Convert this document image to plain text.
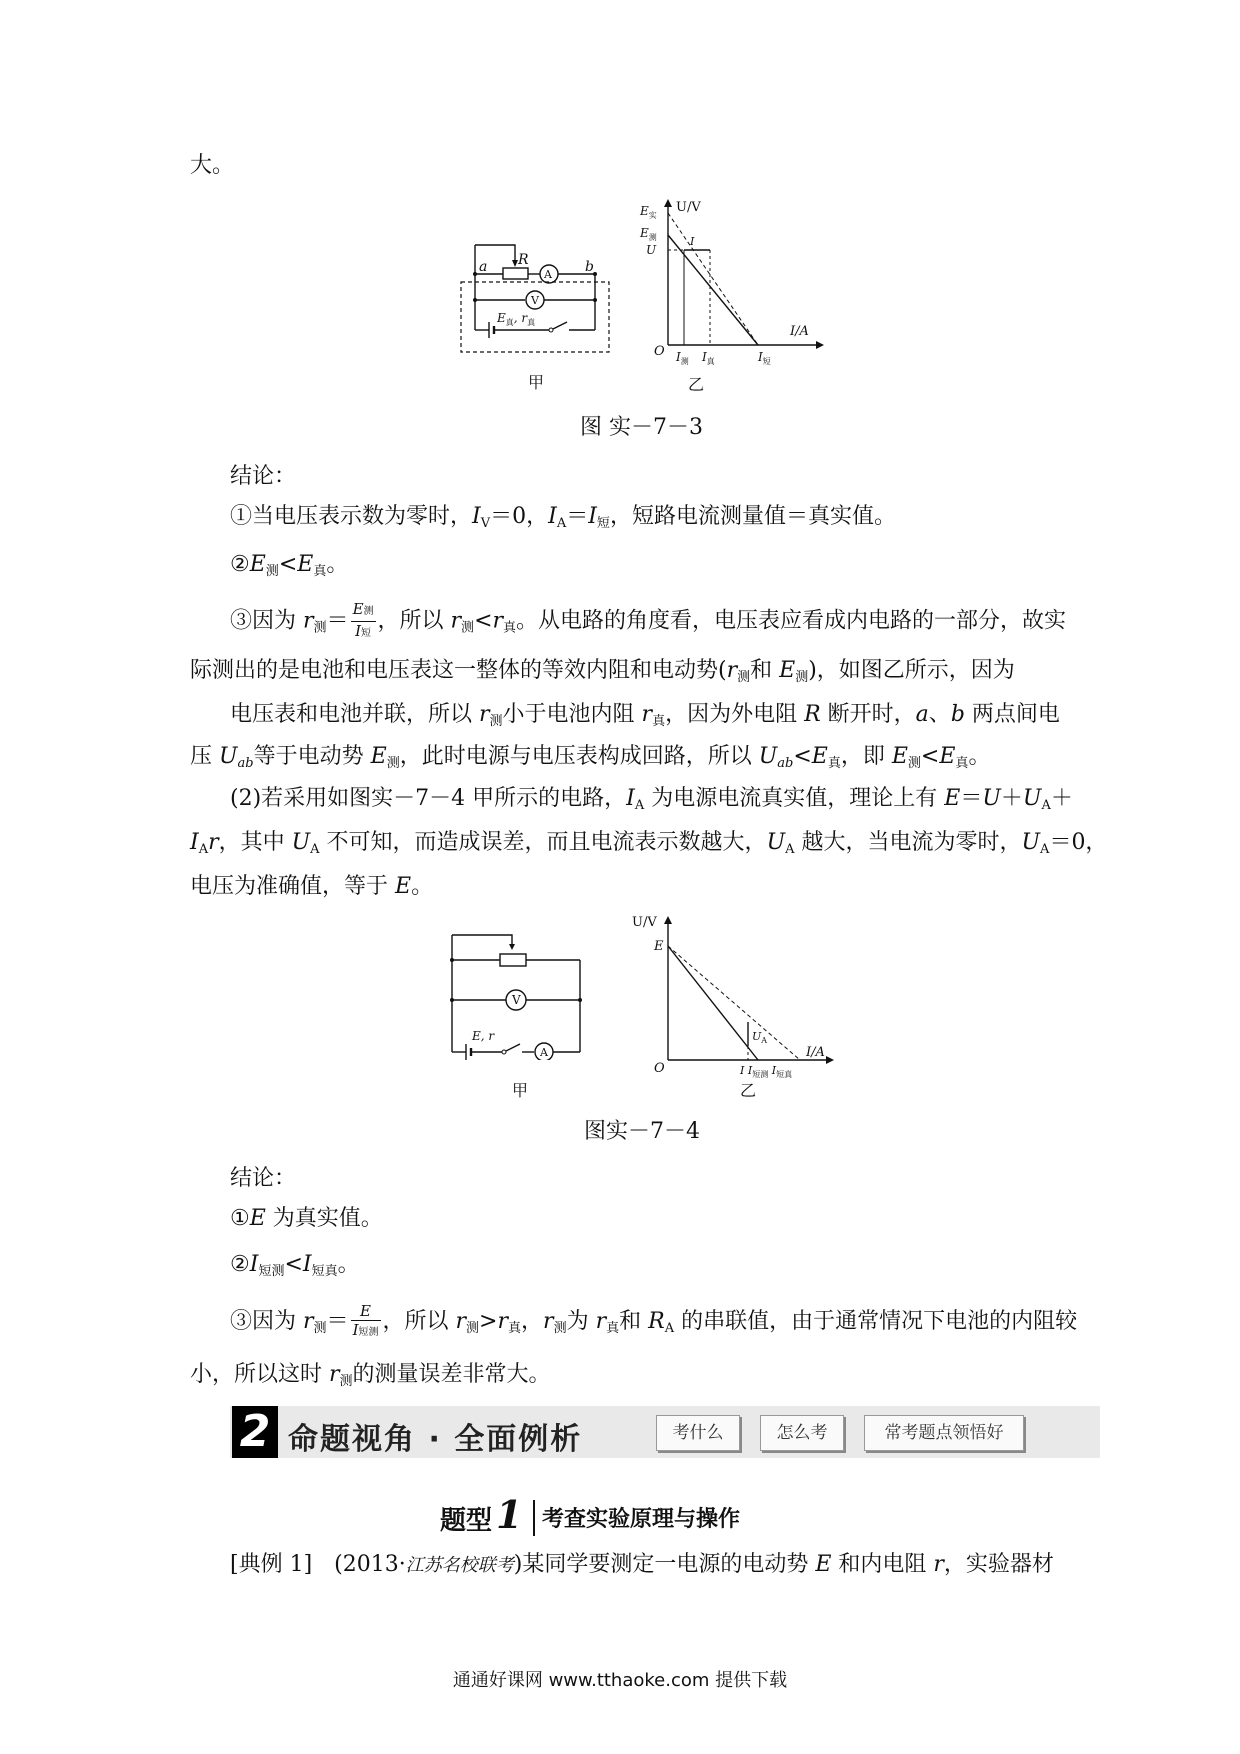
大。
R
A
a	b
V
$E_真$, $r_真$
甲
U/V
I/A
O
$E_实$
$E_测$
U
I
$I_测$ $I_真$	$I_短$
乙
图 实－7－3
结论：
①当电压表示数为零时，$I_V=0$，$I_A=I_短$，短路电流测量值＝真实值。
$②E_测<E_真$。
③因为 $r_测= \frac{\text{E测}}{\text{I短}}$ ，所以 $r_测<r_真$。从电路的角度看，电压表应看成内电路的一部分，故实
际测出的是电池和电压表这一整体的等效内阻和电动势($r_测$和 $E_测$)，如图乙所示，因为
电压表和电池并联，所以 $r_测$小于电池内阻 $r_真$，因为外电阻 R 断开时，a、b 两点间电
压 $U_{ab}$等于电动势 $E_测$，此时电源与电压表构成回路，所以 $U_{ab}<E_真$，即 $E_测<E_真$。
(2)若采用如图实－7－4 甲所示的电路，$I_A$ 为电源电流真实值，理论上有 $E=U+U_A+$
$I_Ar$，其中 $U_A$ 不可知，而造成误差，而且电流表示数越大，$U_A$ 越大，当电流为零时，$U_A=0$，
电压为准确值，等于 E。
V
A
E, r
甲
U/V
I/A
O
E
$U_A$
I $I_{短测}$ $I_{短真}$
乙
图实－7－4
结论：
①E 为真实值。
$②I_{短测}<I_{短真}$。
③因为 $r_测= \frac{E}{\text{I短测}}$ ，所以 $r_测>r_真$，$r_测$为 $r_真$和 $R_A$ 的串联值，由于通常情况下电池的内阻较
小，所以这时 $r_测$的测量误差非常大。
2 命题视角 · 全面例析	考什么	怎么考	常考题点领悟好
题型 1 考查实验原理与操作
[典例 1]　(2013·江苏名校联考)某同学要测定一电源的电动势 E 和内电阻 r，实验器材
通通好课网 www.tthaoke.com 提供下载
